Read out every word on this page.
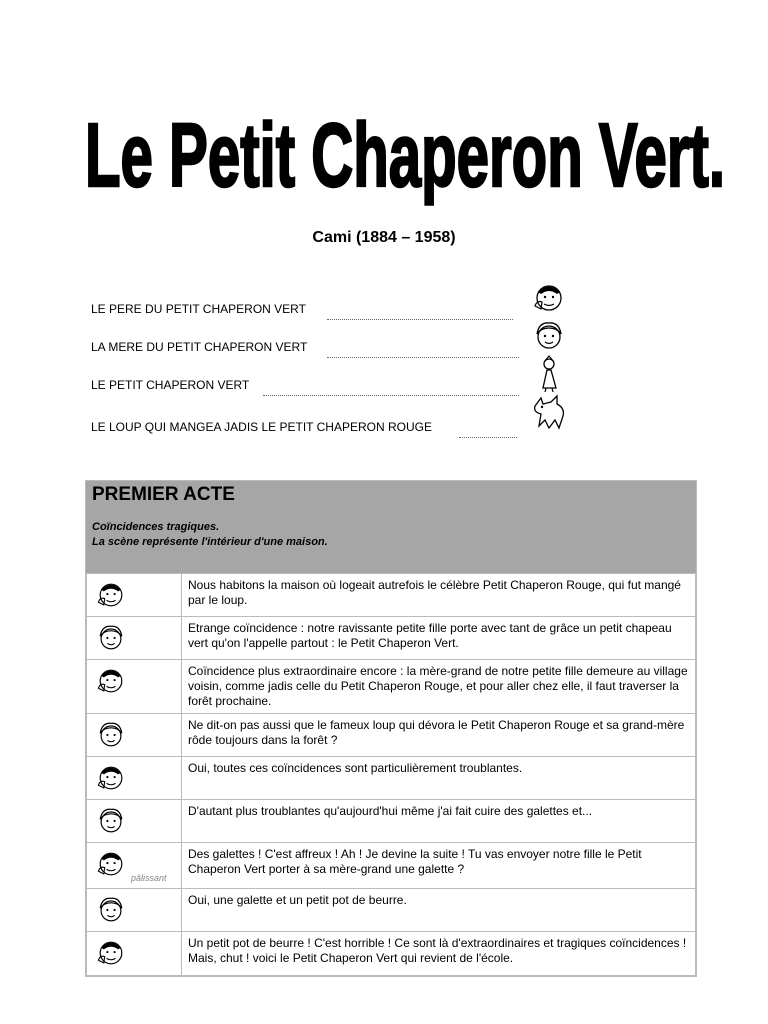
Le Petit Chaperon Vert.
Cami (1884 – 1958)
LE PERE DU PETIT CHAPERON VERT
LA MERE DU PETIT CHAPERON VERT
LE PETIT CHAPERON VERT
LE LOUP QUI MANGEA JADIS LE PETIT CHAPERON ROUGE
PREMIER ACTE
Coïncidences tragiques.
La scène représente l'intérieur d'une maison.
	Nous habitons la maison où logeait autrefois le célèbre Petit Chaperon Rouge, qui fut mangé par le loup.

	Etrange coïncidence : notre ravissante petite fille porte avec tant de grâce un petit chapeau vert qu'on l'appelle partout : le Petit Chaperon Vert.

	Coïncidence plus extraordinaire encore : la mère-grand de notre petite fille demeure au village voisin, comme jadis celle du Petit Chaperon Rouge, et pour aller chez elle, il faut traverser la forêt prochaine.

	Ne dit-on pas aussi que le fameux loup qui dévora le Petit Chaperon Rouge et sa grand-mère rôde toujours dans la forêt ?

	Oui, toutes ces coïncidences sont particulièrement troublantes.

	D'autant plus troublantes qu'aujourd'hui même j'ai fait cuire des galettes et...

pâlissant	Des galettes ! C'est affreux ! Ah ! Je devine la suite ! Tu vas envoyer notre fille le Petit Chaperon Vert porter à sa mère-grand une galette ?

	Oui, une galette et un petit pot de beurre.

	Un petit pot de beurre ! C'est horrible ! Ce sont là d'extraordinaires et tragiques coïncidences ! Mais, chut ! voici le Petit Chaperon Vert qui revient de l'école.
